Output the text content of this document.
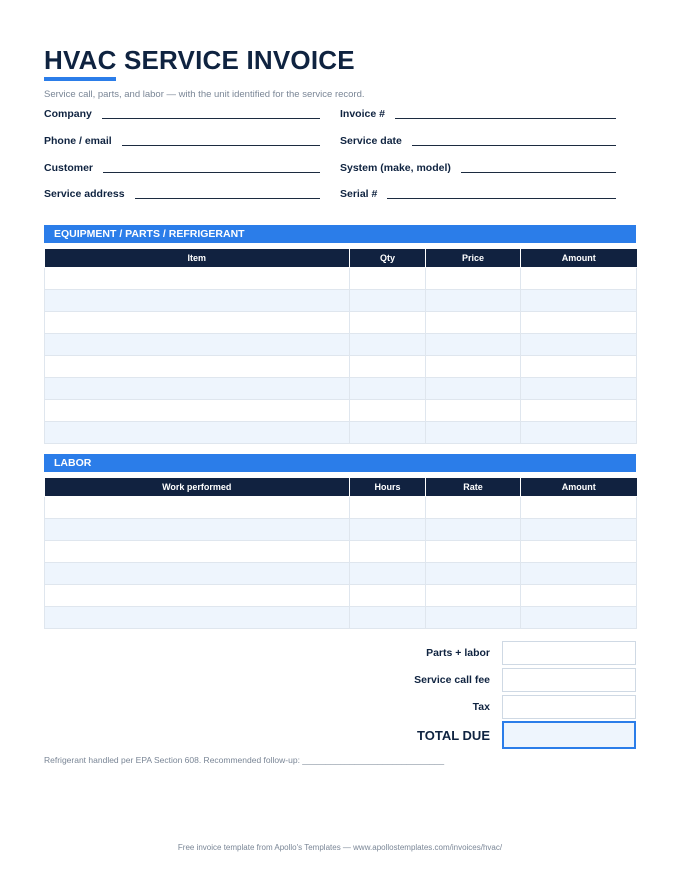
HVAC SERVICE INVOICE
Service call, parts, and labor — with the unit identified for the service record.
Company
Phone / email
Customer
Service address
Invoice #
Service date
System (make, model)
Serial #
EQUIPMENT / PARTS / REFRIGERANT
Item	Qty	Price	Amount

LABOR
Work performed	Hours	Rate	Amount

Parts + labor
Service call fee
Tax
TOTAL DUE
Refrigerant handled per EPA Section 608. Recommended follow-up: ______________________________
Free invoice template from Apollo's Templates — www.apollostemplates.com/invoices/hvac/
